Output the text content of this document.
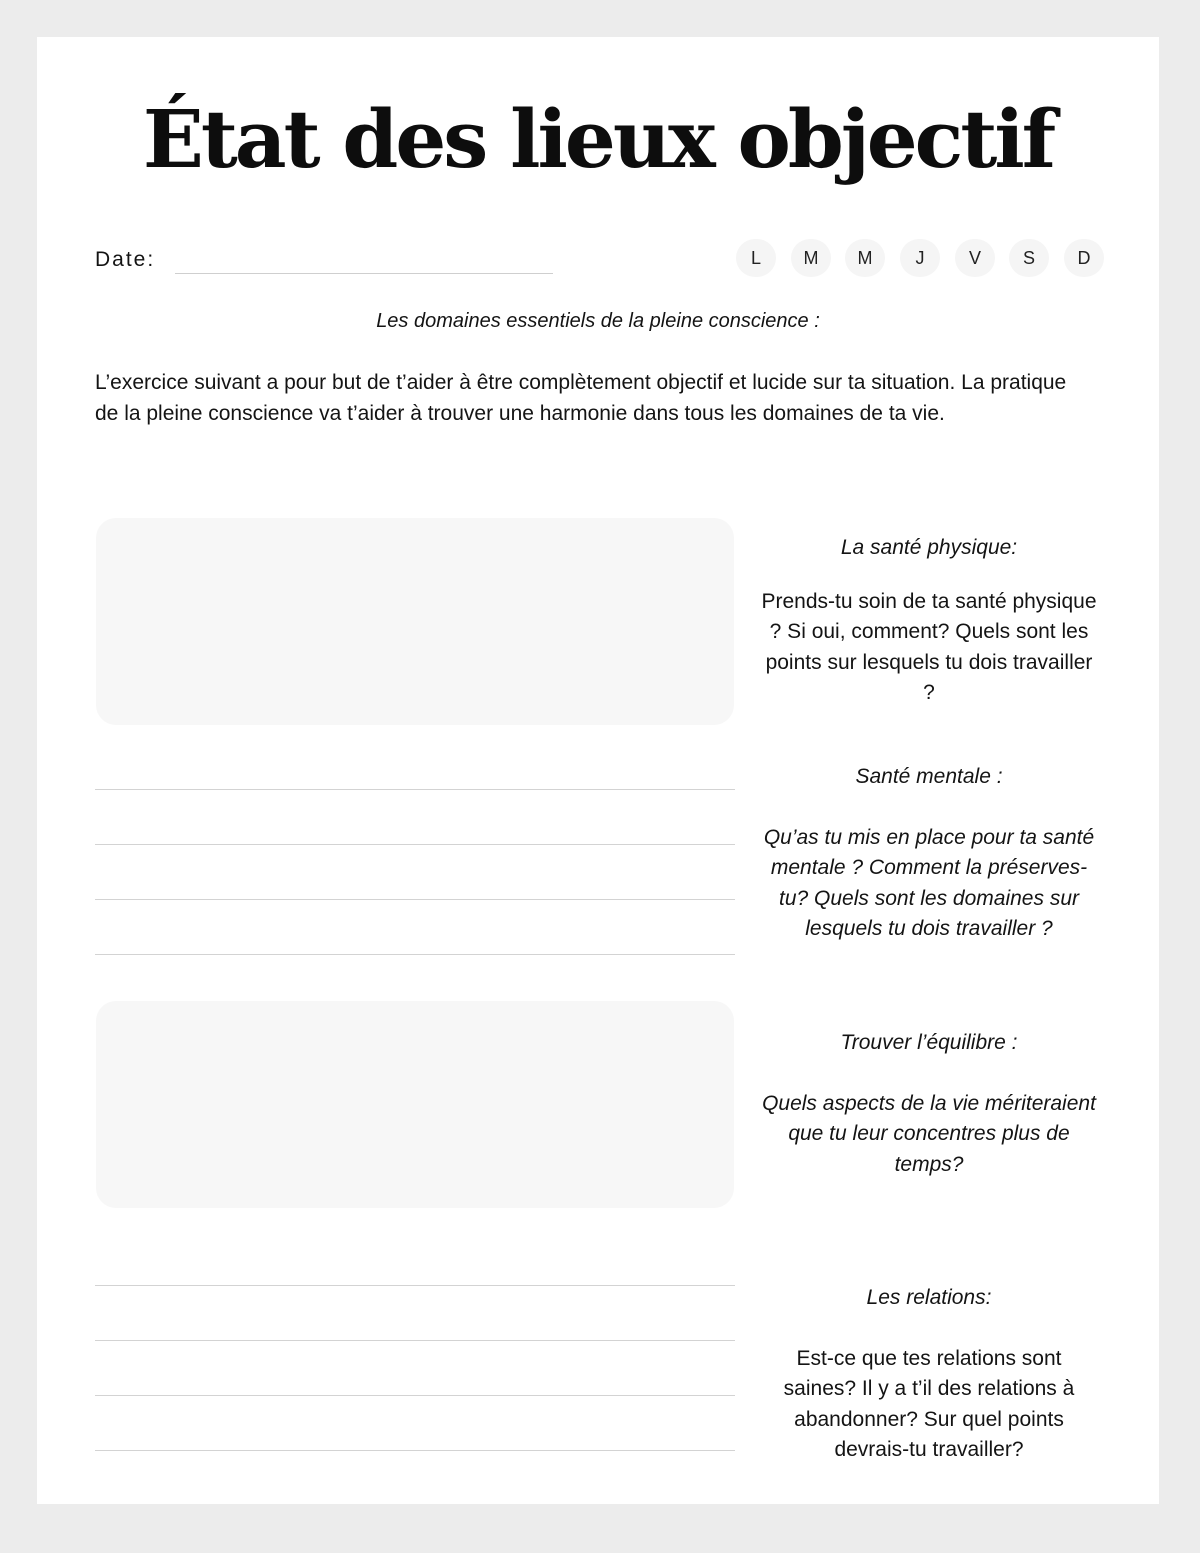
État des lieux objectif
Date:	L	M	M	J	V	S	D
Les domaines essentiels de la pleine conscience :

L’exercice suivant a pour but de t’aider à être complètement objectif et lucide sur ta situation. La pratique de la pleine conscience va t’aider à trouver une harmonie dans tous les domaines de ta vie.

La santé physique:
Prends-tu soin de ta santé physique ? Si oui, comment? Quels sont les points sur lesquels tu dois travailler ?
Santé mentale :
Qu’as tu mis en place pour ta santé mentale ? Comment la préserves-tu? Quels sont les domaines sur lesquels tu dois travailler ?
Trouver l’équilibre :
Quels aspects de la vie mériteraient que tu leur concentres plus de temps?
Les relations:
Est-ce que tes relations sont saines? Il y a t’il des relations à abandonner? Sur quel points devrais-tu travailler?
